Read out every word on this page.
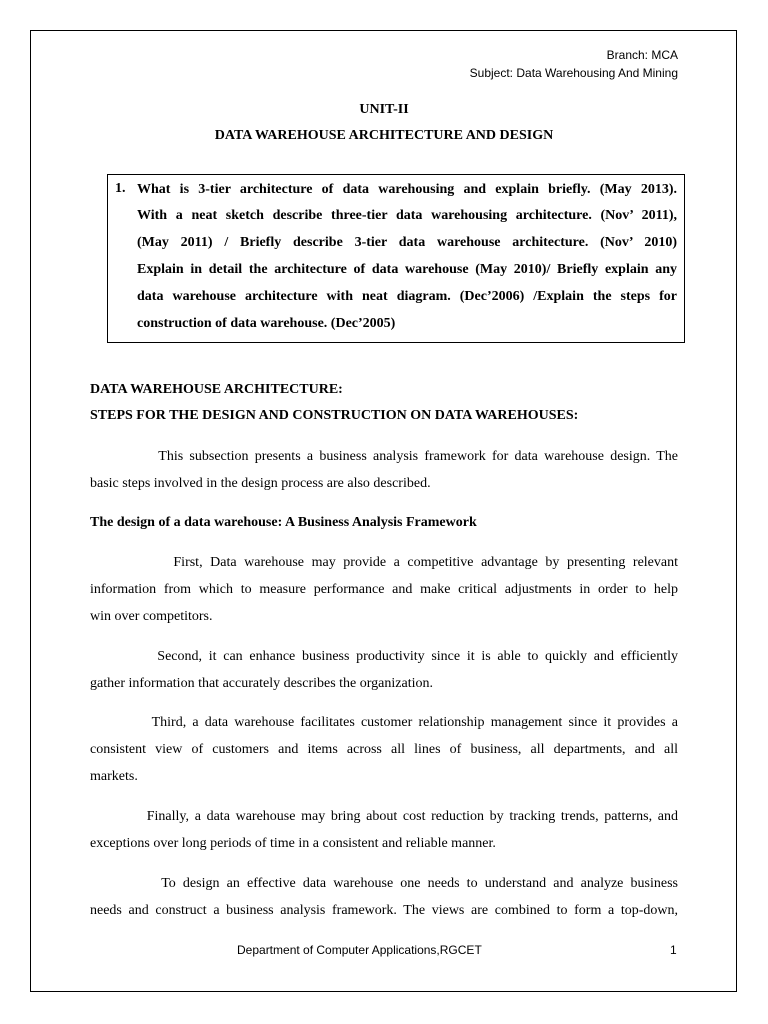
Branch: MCA
Subject: Data Warehousing And Mining
UNIT-II
DATA WAREHOUSE ARCHITECTURE AND DESIGN
1. What is 3-tier architecture of data warehousing and explain briefly. (May 2013).
With a neat sketch describe three-tier data warehousing architecture. (Nov’ 2011),
(May 2011) / Briefly describe 3-tier data warehouse architecture. (Nov’ 2010)
Explain in detail the architecture of data warehouse (May 2010)/ Briefly explain any
data warehouse architecture with neat diagram. (Dec’2006) /Explain the steps for
construction of data warehouse. (Dec’2005)
DATA WAREHOUSE ARCHITECTURE:
STEPS FOR THE DESIGN AND CONSTRUCTION ON DATA WAREHOUSES:
This subsection presents a business analysis framework for data warehouse design. The
basic steps involved in the design process are also described.
The design of a data warehouse: A Business Analysis Framework
First, Data warehouse may provide a competitive advantage by presenting relevant
information from which to measure performance and make critical adjustments in order to help
win over competitors.
Second, it can enhance business productivity since it is able to quickly and efficiently
gather information that accurately describes the organization.
Third, a data warehouse facilitates customer relationship management since it provides a
consistent view of customers and items across all lines of business, all departments, and all
markets.
Finally, a data warehouse may bring about cost reduction by tracking trends, patterns, and
exceptions over long periods of time in a consistent and reliable manner.
To design an effective data warehouse one needs to understand and analyze business
needs and construct a business analysis framework. The views are combined to form a top-down,
Department of Computer Applications,RGCET	1
